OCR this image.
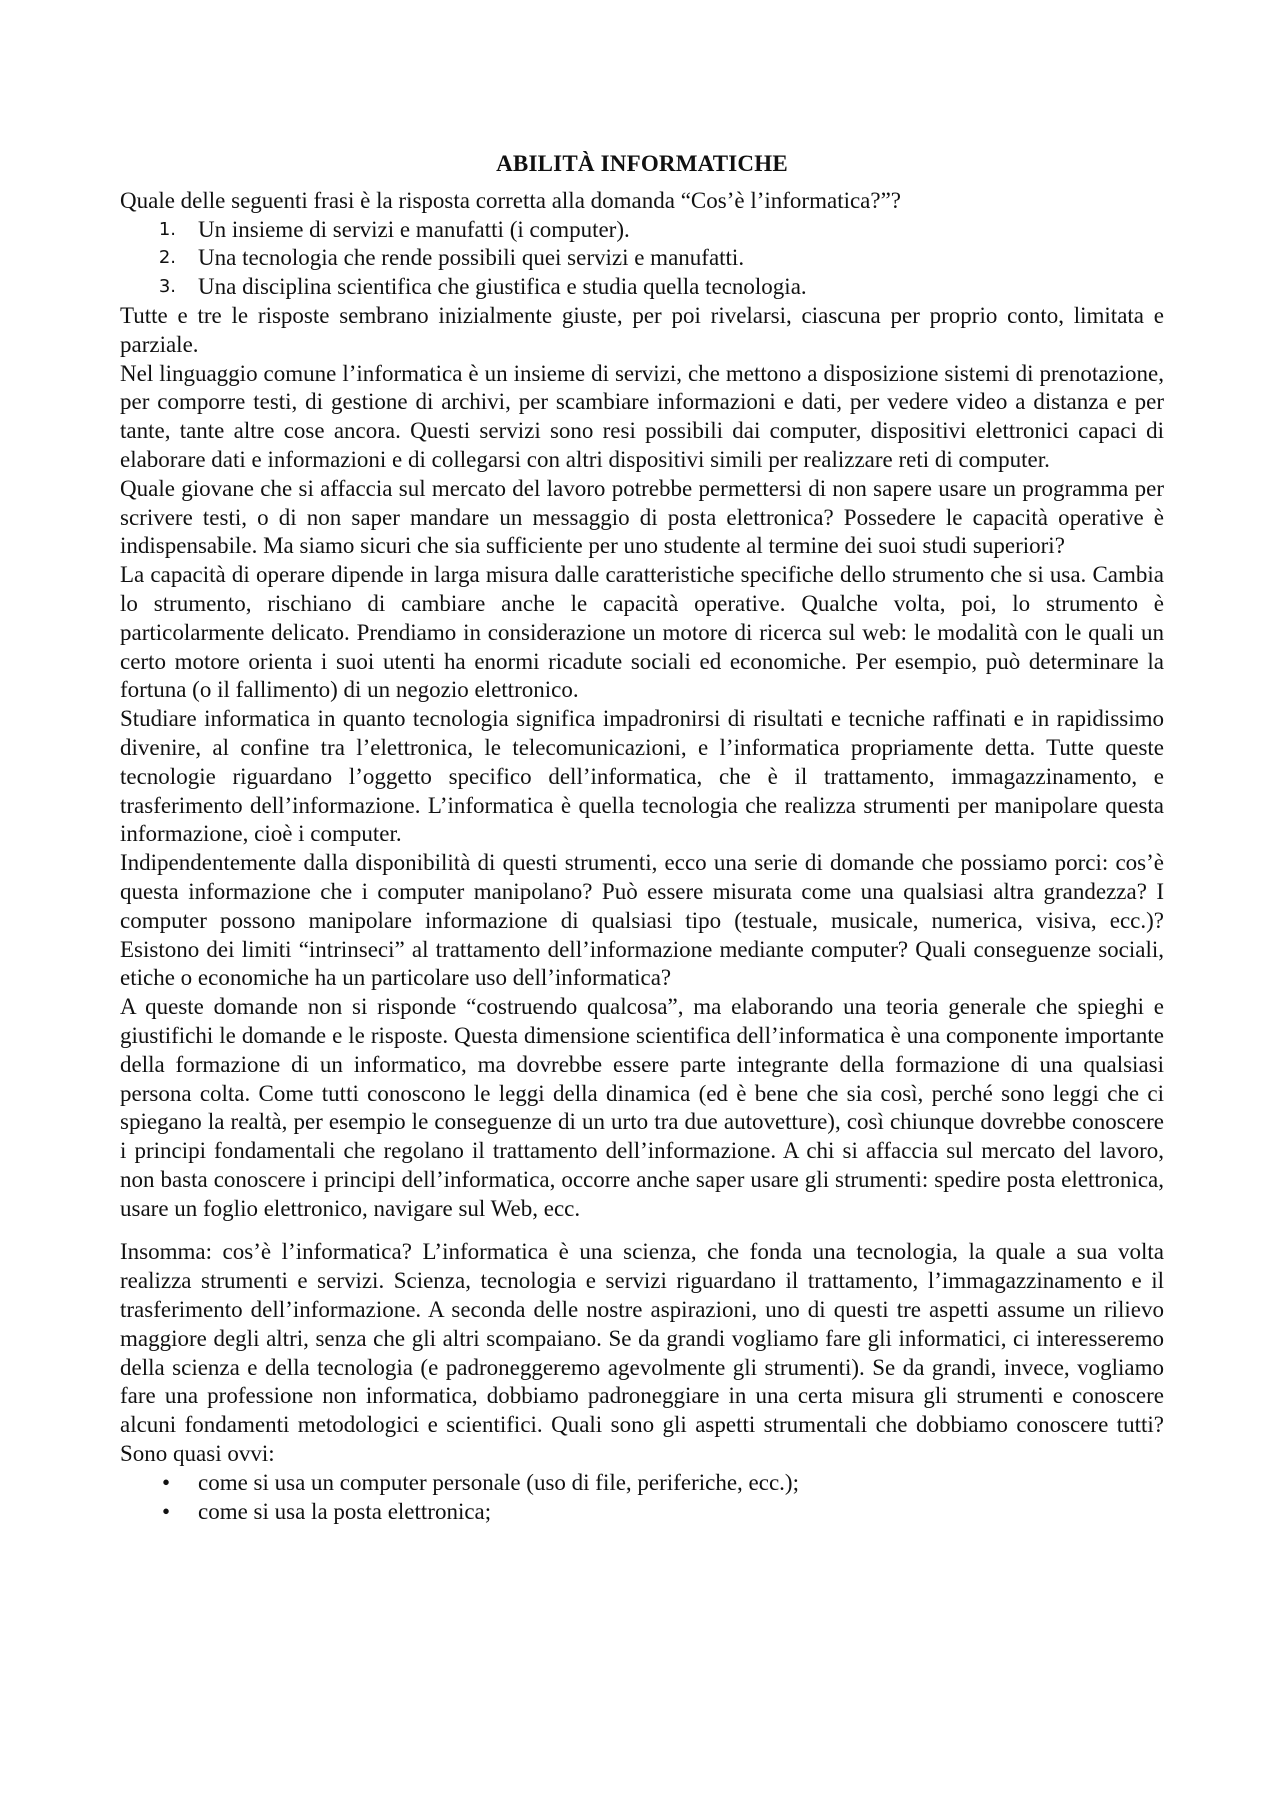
ABILITÀ INFORMATICHE

Quale delle seguenti frasi è la risposta corretta alla domanda “Cos’è l’informatica?”?

1. Un insieme di servizi e manufatti (i computer).
2. Una tecnologia che rende possibili quei servizi e manufatti.
3. Una disciplina scientifica che giustifica e studia quella tecnologia.

Tutte e tre le risposte sembrano inizialmente giuste, per poi rivelarsi, ciascuna per proprio conto, limitata e parziale.

Nel linguaggio comune l’informatica è un insieme di servizi, che mettono a disposizione sistemi di prenotazione, per comporre testi, di gestione di archivi, per scambiare informazioni e dati, per vedere video a distanza e per tante, tante altre cose ancora. Questi servizi sono resi possibili dai computer, dispositivi elettronici capaci di elaborare dati e informazioni e di collegarsi con altri dispositivi simili per realizzare reti di computer.

Quale giovane che si affaccia sul mercato del lavoro potrebbe permettersi di non sapere usare un programma per scrivere testi, o di non saper mandare un messaggio di posta elettronica? Possedere le capacità operative è indispensabile. Ma siamo sicuri che sia sufficiente per uno studente al termine dei suoi studi superiori?

La capacità di operare dipende in larga misura dalle caratteristiche specifiche dello strumento che si usa. Cambia lo strumento, rischiano di cambiare anche le capacità operative. Qualche volta, poi, lo strumento è particolarmente delicato. Prendiamo in considerazione un motore di ricerca sul web: le modalità con le quali un certo motore orienta i suoi utenti ha enormi ricadute sociali ed economiche. Per esempio, può determinare la fortuna (o il fallimento) di un negozio elettronico.

Studiare informatica in quanto tecnologia significa impadronirsi di risultati e tecniche raffinati e in rapidissimo divenire, al confine tra l’elettronica, le telecomunicazioni, e l’informatica propriamente detta. Tutte queste tecnologie riguardano l’oggetto specifico dell’informatica, che è il trattamento, immagazzinamento, e trasferimento dell’informazione. L’informatica è quella tecnologia che realizza strumenti per manipolare questa informazione, cioè i computer.

Indipendentemente dalla disponibilità di questi strumenti, ecco una serie di domande che possiamo porci: cos’è questa informazione che i computer manipolano? Può essere misurata come una qualsiasi altra grandezza? I computer possono manipolare informazione di qualsiasi tipo (testuale, musicale, numerica, visiva, ecc.)? Esistono dei limiti “intrinseci” al trattamento dell’informazione mediante computer? Quali conseguenze sociali, etiche o economiche ha un particolare uso dell’informatica?

A queste domande non si risponde “costruendo qualcosa”, ma elaborando una teoria generale che spieghi e giustifichi le domande e le risposte. Questa dimensione scientifica dell’informatica è una componente importante della formazione di un informatico, ma dovrebbe essere parte integrante della formazione di una qualsiasi persona colta. Come tutti conoscono le leggi della dinamica (ed è bene che sia così, perché sono leggi che ci spiegano la realtà, per esempio le conseguenze di un urto tra due autovetture), così chiunque dovrebbe conoscere i principi fondamentali che regolano il trattamento dell’informazione. A chi si affaccia sul mercato del lavoro, non basta conoscere i principi dell’informatica, occorre anche saper usare gli strumenti: spedire posta elettronica, usare un foglio elettronico, navigare sul Web, ecc.

Insomma: cos’è l’informatica? L’informatica è una scienza, che fonda una tecnologia, la quale a sua volta realizza strumenti e servizi. Scienza, tecnologia e servizi riguardano il trattamento, l’immagazzinamento e il trasferimento dell’informazione. A seconda delle nostre aspirazioni, uno di questi tre aspetti assume un rilievo maggiore degli altri, senza che gli altri scompaiano. Se da grandi vogliamo fare gli informatici, ci interesseremo della scienza e della tecnologia (e padroneggeremo agevolmente gli strumenti). Se da grandi, invece, vogliamo fare una professione non informatica, dobbiamo padroneggiare in una certa misura gli strumenti e conoscere alcuni fondamenti metodologici e scientifici. Quali sono gli aspetti strumentali che dobbiamo conoscere tutti? Sono quasi ovvi:

• come si usa un computer personale (uso di file, periferiche, ecc.);
• come si usa la posta elettronica;
